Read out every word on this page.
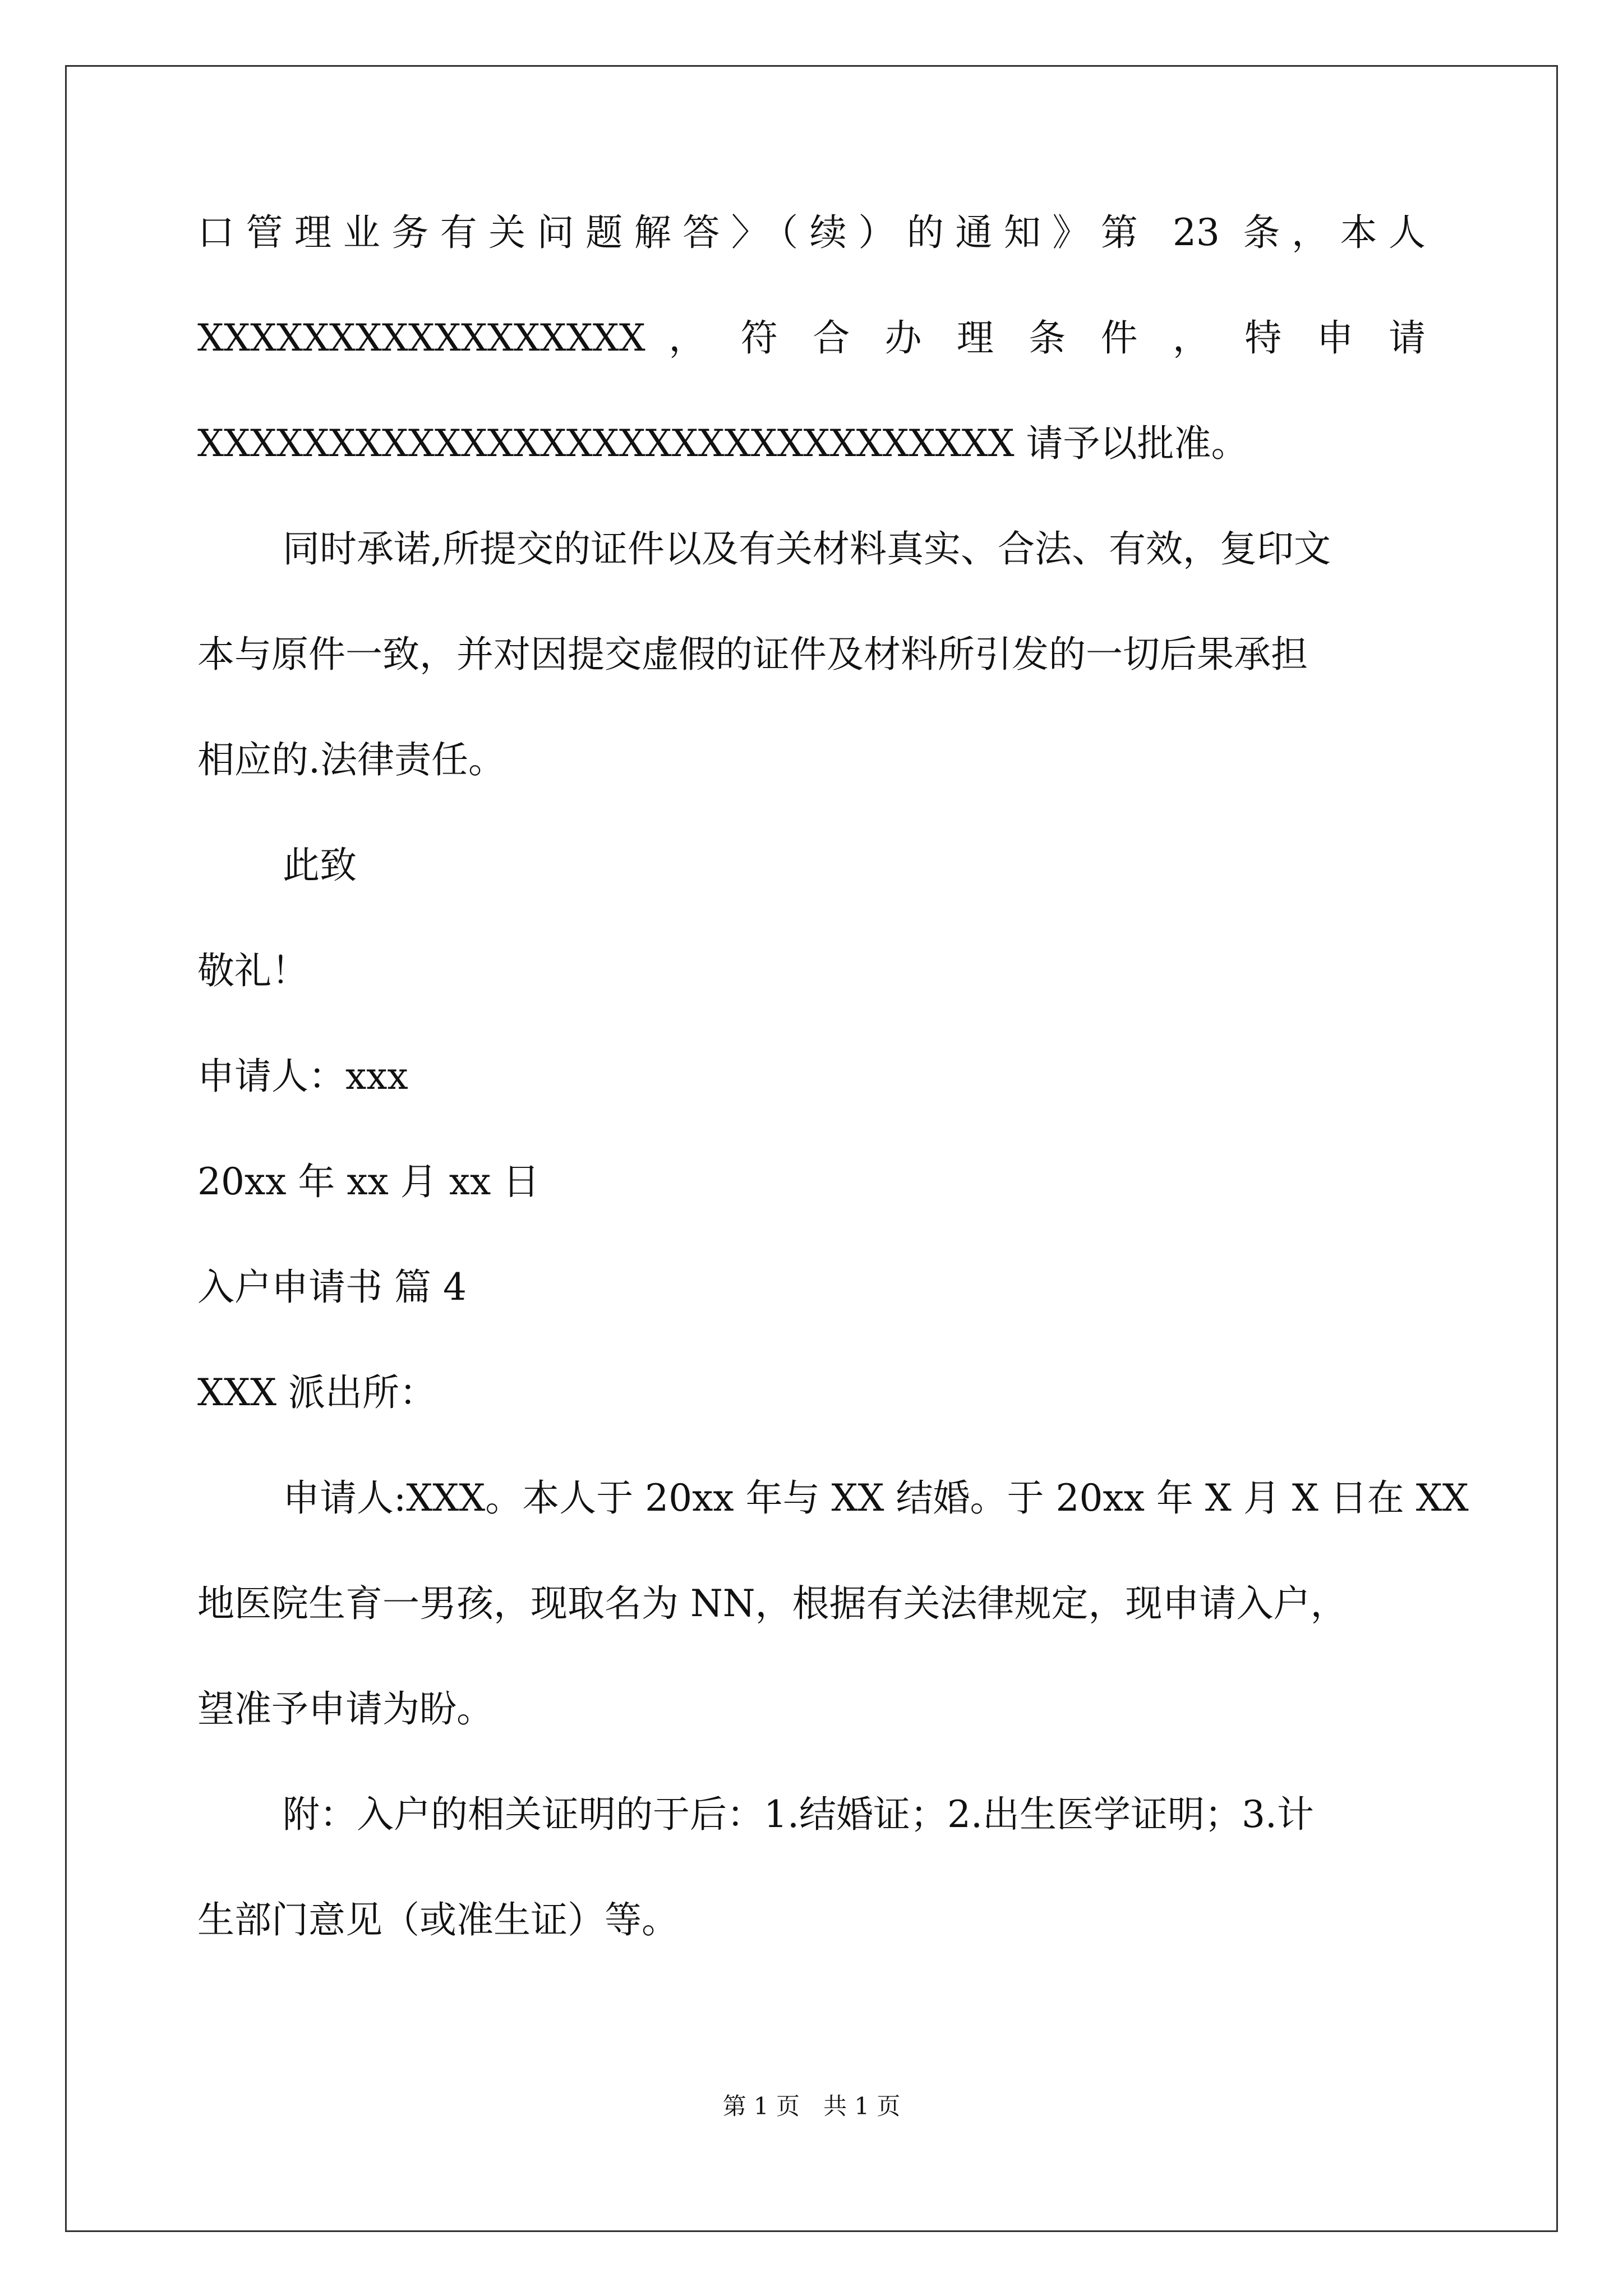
口管理业务有关问题解答〉（续）的通知》第 23 条，本人
XXXXXXXXXXXXXXXXX ， 符 合 办 理 条 件 ， 特 申 请
XXXXXXXXXXXXXXXXXXXXXXXXXXXXXXX 请予以批准。
同时承诺,所提交的证件以及有关材料真实、合法、有效，复印文
本与原件一致，并对因提交虚假的证件及材料所引发的一切后果承担
相应的.法律责任。
此致
敬礼！
申请人：xxx
20xx 年 xx 月 xx 日
入户申请书 篇 4
XXX 派出所：
申请人:XXX。本人于 20xx 年与 XX 结婚。于 20xx 年 X 月 X 日在 XX
地医院生育一男孩，现取名为 NN，根据有关法律规定，现申请入户，
望准予申请为盼。
附：入户的相关证明的于后：1.结婚证；2.出生医学证明；3.计
生部门意见（或准生证）等。
第 1 页　共 1 页
